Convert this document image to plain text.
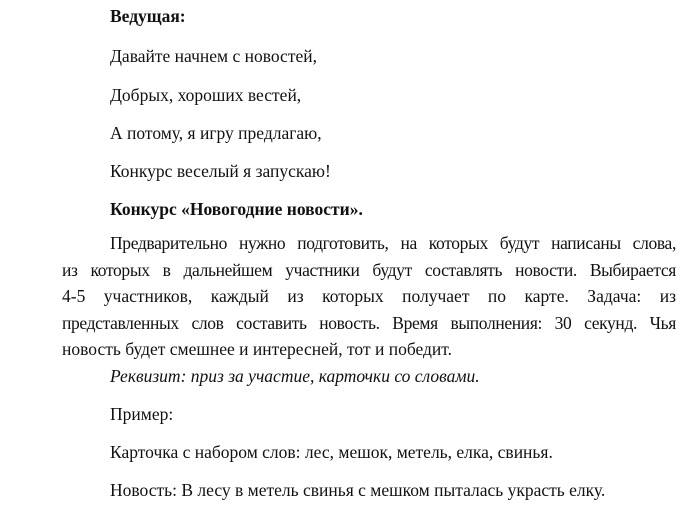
Ведущая:
Давайте начнем с новостей,
Добрых, хороших вестей,
А потому, я игру предлагаю,
Конкурс веселый я запускаю!
Конкурс «Новогодние новости».
Предварительно нужно подготовить, на которых будут написаны слова,
из которых в дальнейшем участники будут составлять новости. Выбирается
4-5 участников, каждый из которых получает по карте. Задача: из
представленных слов составить новость. Время выполнения: 30 секунд. Чья
новость будет смешнее и интересней, тот и победит.
Реквизит: приз за участие, карточки со словами.
Пример:
Карточка с набором слов: лес, мешок, метель, елка, свинья.
Новость: В лесу в метель свинья с мешком пыталась украсть елку.
